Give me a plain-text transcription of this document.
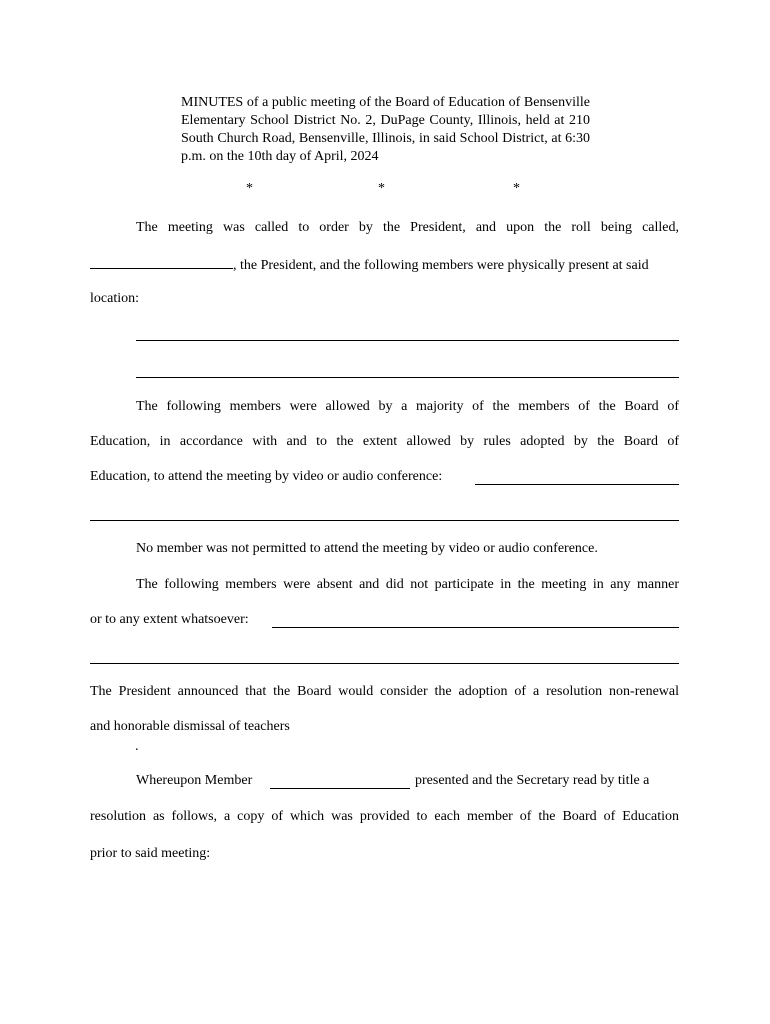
MINUTES of a public meeting of the Board of Education of Bensenville Elementary School District No. 2, DuPage County, Illinois, held at 210 South Church Road, Bensenville, Illinois, in said School District, at 6:30 p.m. on the 10th day of April, 2024
*	*	*
The meeting was called to order by the President, and upon the roll being called,
, the President, and the following members were physically present at said
location:
The following members were allowed by a majority of the members of the Board of
Education, in accordance with and to the extent allowed by rules adopted by the Board of
Education, to attend the meeting by video or audio conference:
No member was not permitted to attend the meeting by video or audio conference.
The following members were absent and did not participate in the meeting in any manner
or to any extent whatsoever:
The President announced that the Board would consider the adoption of a resolution non-renewal
and honorable dismissal of teachers
.
Whereupon Member	presented and the Secretary read by title a
resolution as follows, a copy of which was provided to each member of the Board of Education
prior to said meeting:
